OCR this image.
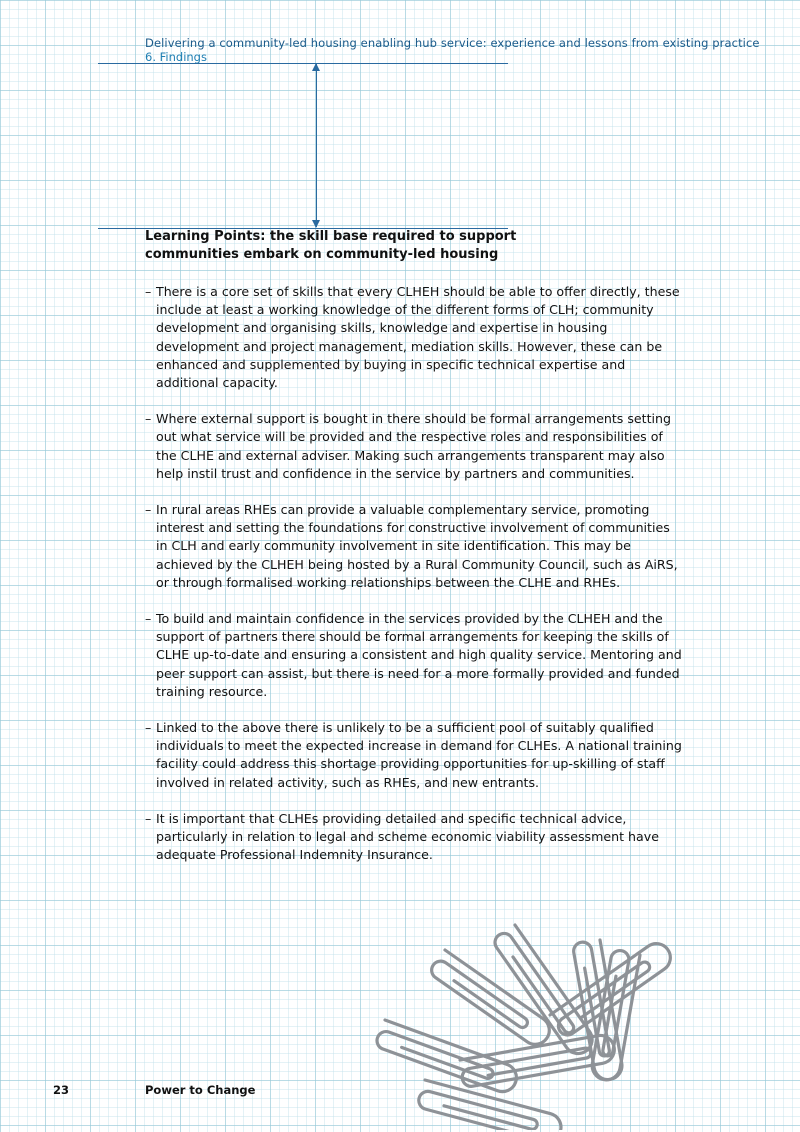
Delivering a community-led housing enabling hub service: experience and lessons from existing practice
6. Findings
Learning Points: the skill base required to support communities embark on community-led housing
– There is a core set of skills that every CLHEH should be able to offer directly, these include at least a working knowledge of the different forms of CLH; community development and organising skills, knowledge and expertise in housing development and project management, mediation skills. However, these can be enhanced and supplemented by buying in specific technical expertise and additional capacity.
– Where external support is bought in there should be formal arrangements setting out what service will be provided and the respective roles and responsibilities of the CLHE and external adviser. Making such arrangements transparent may also help instil trust and confidence in the service by partners and communities.
– In rural areas RHEs can provide a valuable complementary service, promoting interest and setting the foundations for constructive involvement of communities in CLH and early community involvement in site identification. This may be achieved by the CLHEH being hosted by a Rural Community Council, such as AiRS, or through formalised working relationships between the CLHE and RHEs.
– To build and maintain confidence in the services provided by the CLHEH and the support of partners there should be formal arrangements for keeping the skills of CLHE up-to-date and ensuring a consistent and high quality service. Mentoring and peer support can assist, but there is need for a more formally provided and funded training resource.
– Linked to the above there is unlikely to be a sufficient pool of suitably qualified individuals to meet the expected increase in demand for CLHEs. A national training facility could address this shortage providing opportunities for up-skilling of staff involved in related activity, such as RHEs, and new entrants.
– It is important that CLHEs providing detailed and specific technical advice, particularly in relation to legal and scheme economic viability assessment have adequate Professional Indemnity Insurance.
23	Power to Change
